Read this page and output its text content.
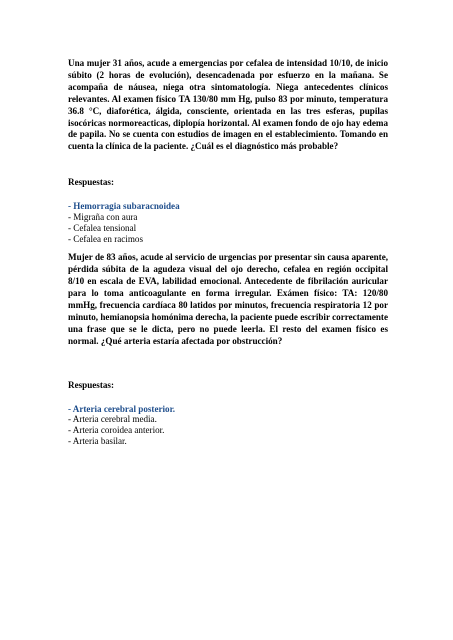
Una mujer 31 años, acude a emergencias por cefalea de intensidad 10/10, de inicio súbito (2 horas de evolución), desencadenada por esfuerzo en la mañana. Se acompaña de náusea, niega otra sintomatología. Niega antecedentes clínicos relevantes. Al examen físico TA 130/80 mm Hg, pulso 83 por minuto, temperatura 36.8 °C, diaforética, álgida, consciente, orientada en las tres esferas, pupilas isocóricas normoreacticas, diplopía horizontal. Al examen fondo de ojo hay edema de papila. No se cuenta con estudios de imagen en el establecimiento. Tomando en cuenta la clínica de la paciente. ¿Cuál es el diagnóstico más probable?

Respuestas:

- Hemorragia subaracnoidea
- Migraña con aura
- Cefalea tensional
- Cefalea en racimos

Mujer de 83 años, acude al servicio de urgencias por presentar sin causa aparente, pérdida súbita de la agudeza visual del ojo derecho, cefalea en región occipital 8/10 en escala de EVA, labilidad emocional. Antecedente de fibrilación auricular para lo toma anticoagulante en forma irregular. Exámen físico: TA: 120/80 mmHg, frecuencia cardíaca 80 latidos por minutos, frecuencia respiratoria 12 por minuto, hemianopsia homónima derecha, la paciente puede escribir correctamente una frase que se le dicta, pero no puede leerla. El resto del examen físico es normal. ¿Qué arteria estaría afectada por obstrucción?

Respuestas:

- Arteria cerebral posterior.
- Arteria cerebral media.
- Arteria coroidea anterior.
- Arteria basilar.
